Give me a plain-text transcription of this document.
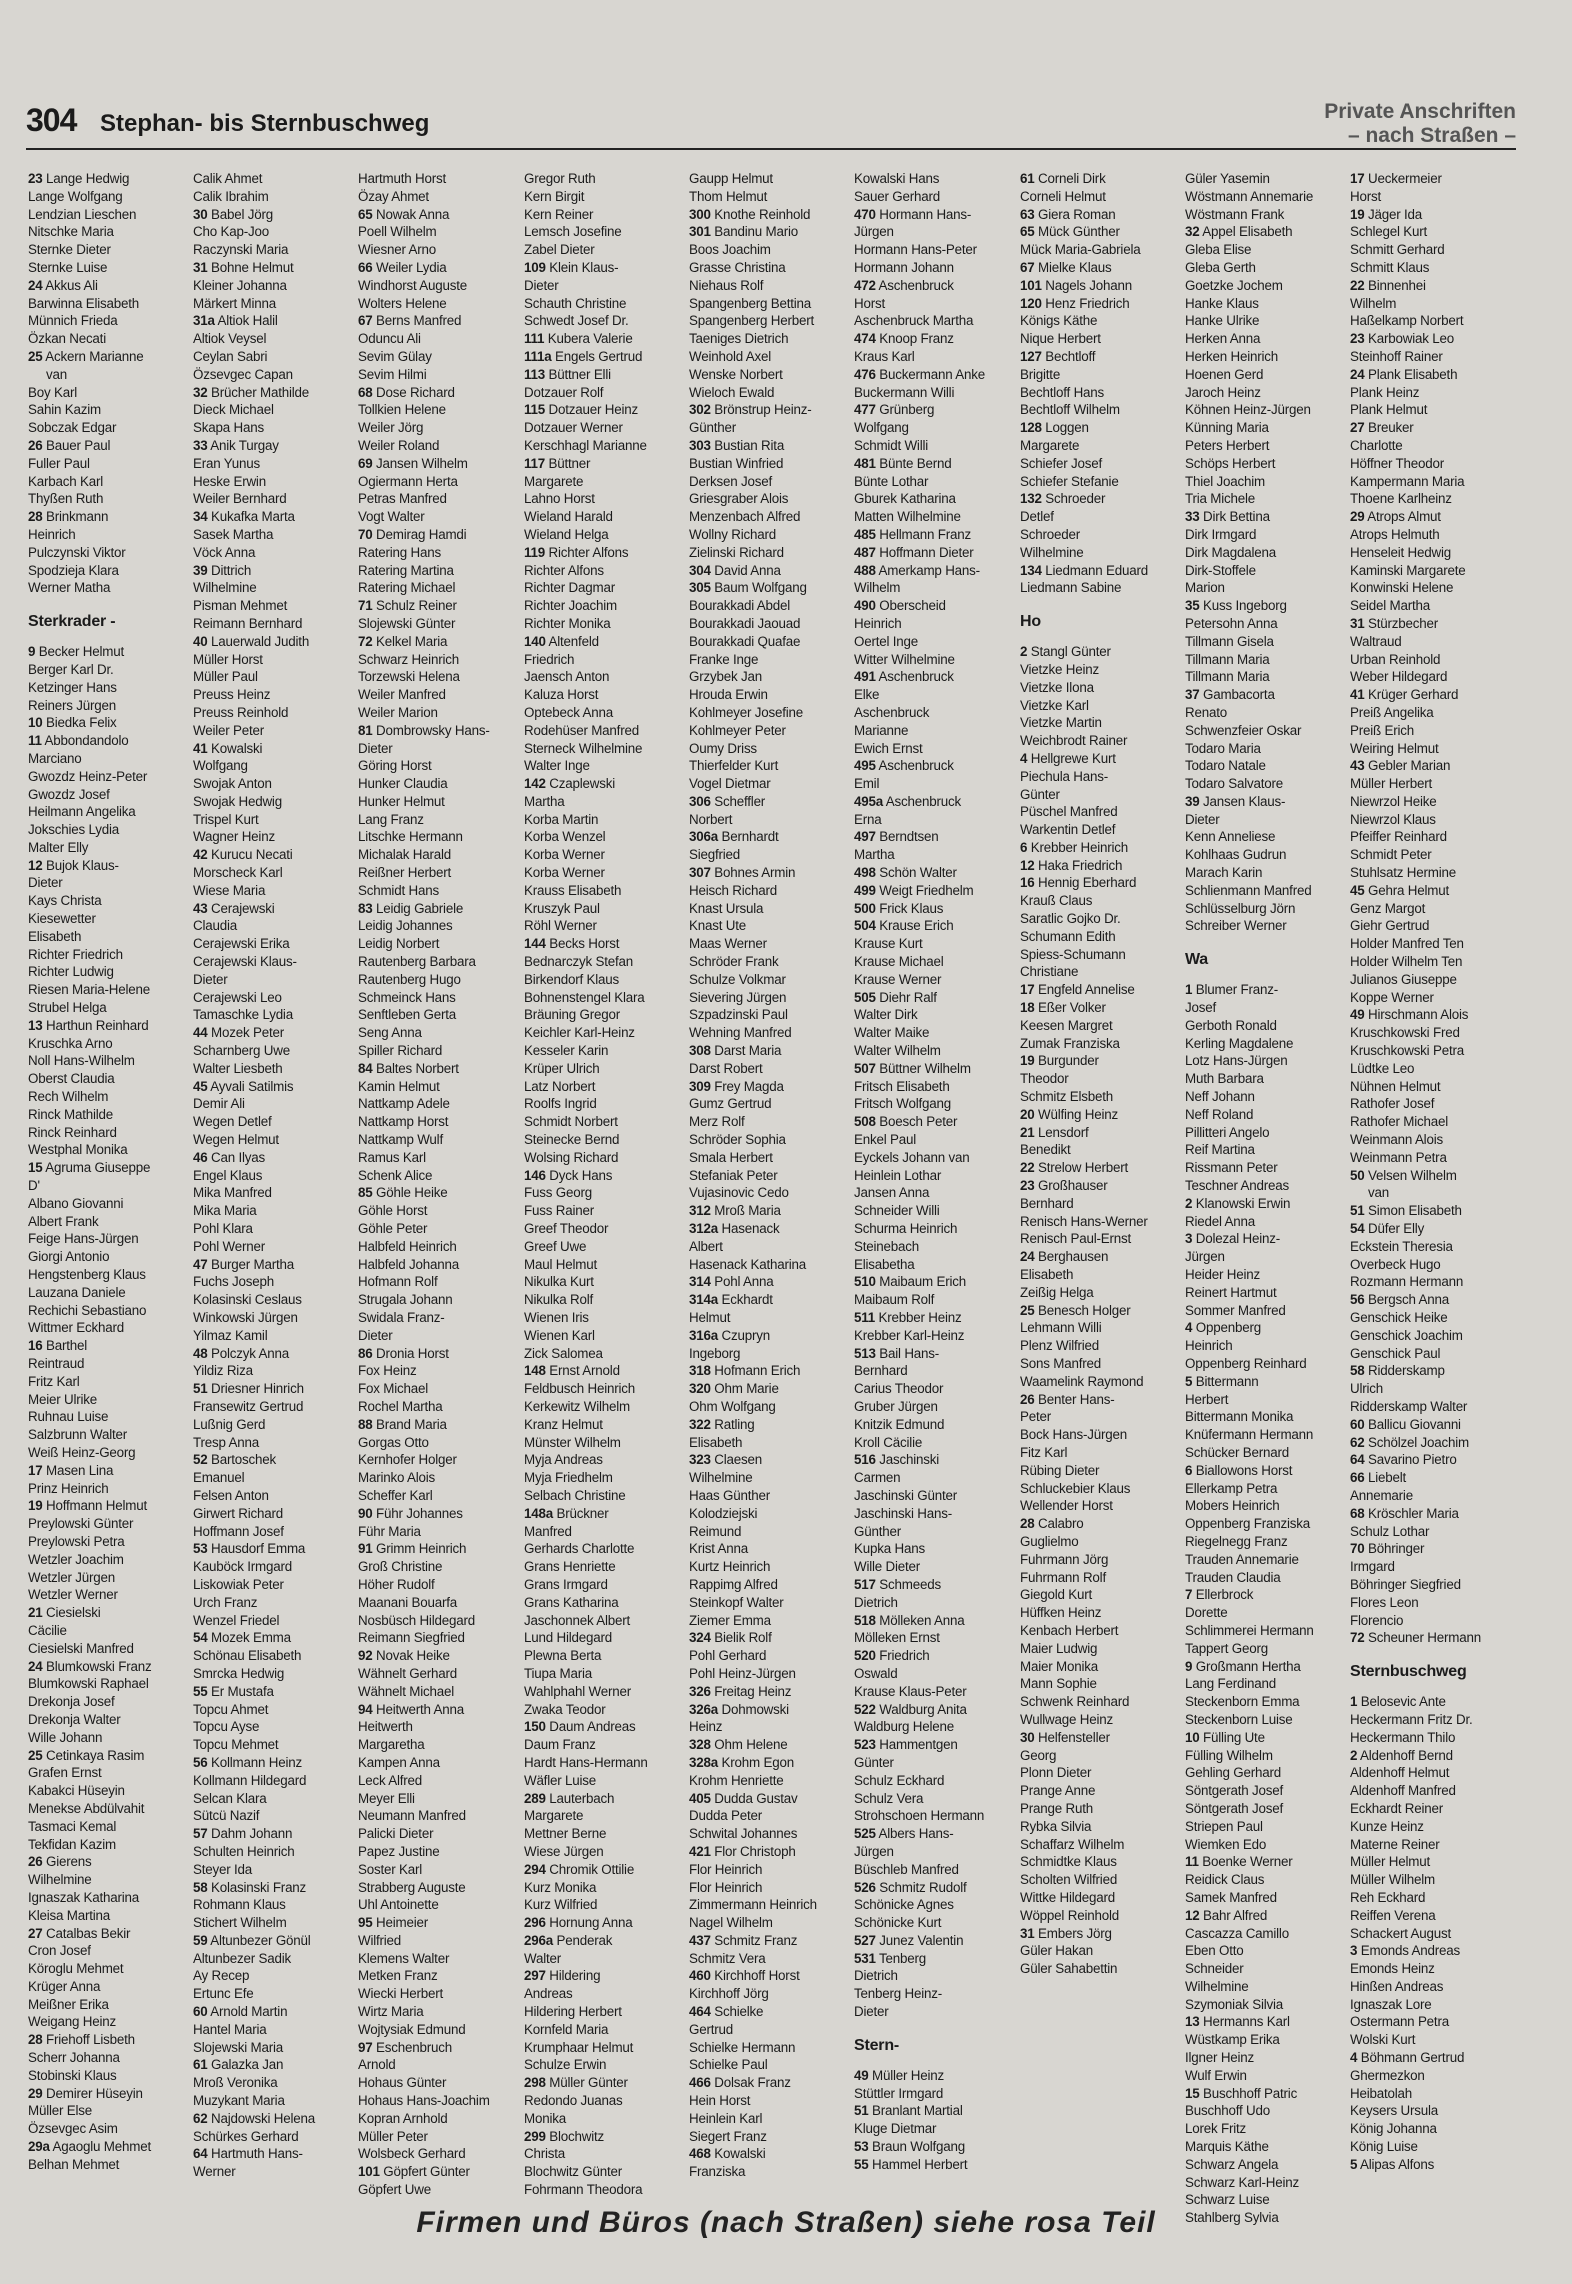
304 Stephan- bis Sternbuschweg	Private Anschriften
– nach Straßen –
23 Lange Hedwig
Lange Wolfgang
Lendzian Lieschen
Nitschke Maria
Sternke Dieter
Sternke Luise
24 Akkus Ali
Barwinna Elisabeth
Münnich Frieda
Özkan Necati
25 Ackern Marianne
van
Boy Karl
Sahin Kazim
Sobczak Edgar
26 Bauer Paul
Fuller Paul
Karbach Karl
Thyßen Ruth
28 Brinkmann
Heinrich
Pulczynski Viktor
Spodzieja Klara
Werner Matha
Sterkrader -
9 Becker Helmut
Berger Karl Dr.
Ketzinger Hans
Reiners Jürgen
10 Biedka Felix
11 Abbondandolo
Marciano
Gwozdz Heinz-Peter
Gwozdz Josef
Heilmann Angelika
Jokschies Lydia
Malter Elly
12 Bujok Klaus-
Dieter
Kays Christa
Kiesewetter
Elisabeth
Richter Friedrich
Richter Ludwig
Riesen Maria-Helene
Strubel Helga
13 Harthun Reinhard
Kruschka Arno
Noll Hans-Wilhelm
Oberst Claudia
Rech Wilhelm
Rinck Mathilde
Rinck Reinhard
Westphal Monika
15 Agruma Giuseppe
D'
Albano Giovanni
Albert Frank
Feige Hans-Jürgen
Giorgi Antonio
Hengstenberg Klaus
Lauzana Daniele
Rechichi Sebastiano
Wittmer Eckhard
16 Barthel
Reintraud
Fritz Karl
Meier Ulrike
Ruhnau Luise
Salzbrunn Walter
Weiß Heinz-Georg
17 Masen Lina
Prinz Heinrich
19 Hoffmann Helmut
Preylowski Günter
Preylowski Petra
Wetzler Joachim
Wetzler Jürgen
Wetzler Werner
21 Ciesielski
Cäcilie
Ciesielski Manfred
24 Blumkowski Franz
Blumkowski Raphael
Drekonja Josef
Drekonja Walter
Wille Johann
25 Cetinkaya Rasim
Grafen Ernst
Kabakci Hüseyin
Menekse Abdülvahit
Tasmaci Kemal
Tekfidan Kazim
26 Gierens
Wilhelmine
Ignaszak Katharina
Kleisa Martina
27 Catalbas Bekir
Cron Josef
Köroglu Mehmet
Krüger Anna
Meißner Erika
Weigang Heinz
28 Friehoff Lisbeth
Scherr Johanna
Stobinski Klaus
29 Demirer Hüseyin
Müller Else
Özsevgec Asim
29a Agaoglu Mehmet
Belhan Mehmet
Calik Ahmet
Calik Ibrahim
30 Babel Jörg
Cho Kap-Joo
Raczynski Maria
31 Bohne Helmut
Kleiner Johanna
Märkert Minna
31a Altiok Halil
Altiok Veysel
Ceylan Sabri
Özsevgec Capan
32 Brücher Mathilde
Dieck Michael
Skapa Hans
33 Anik Turgay
Eran Yunus
Heske Erwin
Weiler Bernhard
34 Kukafka Marta
Sasek Martha
Vöck Anna
39 Dittrich
Wilhelmine
Pisman Mehmet
Reimann Bernhard
40 Lauerwald Judith
Müller Horst
Müller Paul
Preuss Heinz
Preuss Reinhold
Weiler Peter
41 Kowalski
Wolfgang
Swojak Anton
Swojak Hedwig
Trispel Kurt
Wagner Heinz
42 Kurucu Necati
Morscheck Karl
Wiese Maria
43 Cerajewski
Claudia
Cerajewski Erika
Cerajewski Klaus-
Dieter
Cerajewski Leo
Tamaschke Lydia
44 Mozek Peter
Scharnberg Uwe
Walter Liesbeth
45 Ayvali Satilmis
Demir Ali
Wegen Detlef
Wegen Helmut
46 Can Ilyas
Engel Klaus
Mika Manfred
Mika Maria
Pohl Klara
Pohl Werner
47 Burger Martha
Fuchs Joseph
Kolasinski Ceslaus
Winkowski Jürgen
Yilmaz Kamil
48 Polczyk Anna
Yildiz Riza
51 Driesner Hinrich
Fransewitz Gertrud
Lußnig Gerd
Tresp Anna
52 Bartoschek
Emanuel
Felsen Anton
Girwert Richard
Hoffmann Josef
53 Hausdorf Emma
Kauböck Irmgard
Liskowiak Peter
Urch Franz
Wenzel Friedel
54 Mozek Emma
Schönau Elisabeth
Smrcka Hedwig
55 Er Mustafa
Topcu Ahmet
Topcu Ayse
Topcu Mehmet
56 Kollmann Heinz
Kollmann Hildegard
Selcan Klara
Sütcü Nazif
57 Dahm Johann
Schulten Heinrich
Steyer Ida
58 Kolasinski Franz
Rohmann Klaus
Stichert Wilhelm
59 Altunbezer Gönül
Altunbezer Sadik
Ay Recep
Ertunc Efe
60 Arnold Martin
Hantel Maria
Slojewski Maria
61 Galazka Jan
Mroß Veronika
Muzykant Maria
62 Najdowski Helena
Schürkes Gerhard
64 Hartmuth Hans-
Werner
Hartmuth Horst
Özay Ahmet
65 Nowak Anna
Poell Wilhelm
Wiesner Arno
66 Weiler Lydia
Windhorst Auguste
Wolters Helene
67 Berns Manfred
Oduncu Ali
Sevim Gülay
Sevim Hilmi
68 Dose Richard
Tollkien Helene
Weiler Jörg
Weiler Roland
69 Jansen Wilhelm
Ogiermann Herta
Petras Manfred
Vogt Walter
70 Demirag Hamdi
Ratering Hans
Ratering Martina
Ratering Michael
71 Schulz Reiner
Slojewski Günter
72 Kelkel Maria
Schwarz Heinrich
Torzewski Helena
Weiler Manfred
Weiler Marion
81 Dombrowsky Hans-
Dieter
Göring Horst
Hunker Claudia
Hunker Helmut
Lang Franz
Litschke Hermann
Michalak Harald
Reißner Herbert
Schmidt Hans
83 Leidig Gabriele
Leidig Johannes
Leidig Norbert
Rautenberg Barbara
Rautenberg Hugo
Schmeinck Hans
Senftleben Gerta
Seng Anna
Spiller Richard
84 Baltes Norbert
Kamin Helmut
Nattkamp Adele
Nattkamp Horst
Nattkamp Wulf
Ramus Karl
Schenk Alice
85 Göhle Heike
Göhle Horst
Göhle Peter
Halbfeld Heinrich
Halbfeld Johanna
Hofmann Rolf
Strugala Johann
Swidala Franz-
Dieter
86 Dronia Horst
Fox Heinz
Fox Michael
Rochel Martha
88 Brand Maria
Gorgas Otto
Kernhofer Holger
Marinko Alois
Scheffer Karl
90 Führ Johannes
Führ Maria
91 Grimm Heinrich
Groß Christine
Höher Rudolf
Maanani Bouarfa
Nosbüsch Hildegard
Reimann Siegfried
92 Novak Heike
Wähnelt Gerhard
Wähnelt Michael
94 Heitwerth Anna
Heitwerth
Margaretha
Kampen Anna
Leck Alfred
Meyer Elli
Neumann Manfred
Palicki Dieter
Papez Justine
Soster Karl
Strabberg Auguste
Uhl Antoinette
95 Heimeier
Wilfried
Klemens Walter
Metken Franz
Wiecki Herbert
Wirtz Maria
Wojtysiak Edmund
97 Eschenbruch
Arnold
Hohaus Günter
Hohaus Hans-Joachim
Kopran Arnhold
Müller Peter
Wolsbeck Gerhard
101 Göpfert Günter
Göpfert Uwe
Gregor Ruth
Kern Birgit
Kern Reiner
Lemsch Josefine
Zabel Dieter
109 Klein Klaus-
Dieter
Schauth Christine
Schwedt Josef Dr.
111 Kubera Valerie
111a Engels Gertrud
113 Büttner Elli
Dotzauer Rolf
115 Dotzauer Heinz
Dotzauer Werner
Kerschhagl Marianne
117 Büttner
Margarete
Lahno Horst
Wieland Harald
Wieland Helga
119 Richter Alfons
Richter Alfons
Richter Dagmar
Richter Joachim
Richter Monika
140 Altenfeld
Friedrich
Jaensch Anton
Kaluza Horst
Optebeck Anna
Rodehüser Manfred
Sterneck Wilhelmine
Walter Inge
142 Czaplewski
Martha
Korba Martin
Korba Wenzel
Korba Werner
Korba Werner
Krauss Elisabeth
Kruszyk Paul
Röhl Werner
144 Becks Horst
Bednarczyk Stefan
Birkendorf Klaus
Bohnenstengel Klara
Bräuning Gregor
Keichler Karl-Heinz
Kesseler Karin
Krüper Ulrich
Latz Norbert
Roolfs Ingrid
Schmidt Norbert
Steinecke Bernd
Wolsing Richard
146 Dyck Hans
Fuss Georg
Fuss Rainer
Greef Theodor
Greef Uwe
Maul Helmut
Nikulka Kurt
Nikulka Rolf
Wienen Iris
Wienen Karl
Zick Salomea
148 Ernst Arnold
Feldbusch Heinrich
Kerkewitz Wilhelm
Kranz Helmut
Münster Wilhelm
Myja Andreas
Myja Friedhelm
Selbach Christine
148a Brückner
Manfred
Gerhards Charlotte
Grans Henriette
Grans Irmgard
Grans Katharina
Jaschonnek Albert
Lund Hildegard
Plewna Berta
Tiupa Maria
Wahlphahl Werner
Zwaka Teodor
150 Daum Andreas
Daum Franz
Hardt Hans-Hermann
Wäfler Luise
289 Lauterbach
Margarete
Mettner Berne
Wiese Jürgen
294 Chromik Ottilie
Kurz Monika
Kurz Wilfried
296 Hornung Anna
296a Penderak
Walter
297 Hildering
Andreas
Hildering Herbert
Kornfeld Maria
Krumphaar Helmut
Schulze Erwin
298 Müller Günter
Redondo Juanas
Monika
299 Blochwitz
Christa
Blochwitz Günter
Fohrmann Theodora
Gaupp Helmut
Thom Helmut
300 Knothe Reinhold
301 Bandinu Mario
Boos Joachim
Grasse Christina
Niehaus Rolf
Spangenberg Bettina
Spangenberg Herbert
Taeniges Dietrich
Weinhold Axel
Wenske Norbert
Wieloch Ewald
302 Brönstrup Heinz-
Günther
303 Bustian Rita
Bustian Winfried
Derksen Josef
Griesgraber Alois
Menzenbach Alfred
Wollny Richard
Zielinski Richard
304 David Anna
305 Baum Wolfgang
Bourakkadi Abdel
Bourakkadi Jaouad
Bourakkadi Quafae
Franke Inge
Grzybek Jan
Hrouda Erwin
Kohlmeyer Josefine
Kohlmeyer Peter
Oumy Driss
Thierfelder Kurt
Vogel Dietmar
306 Scheffler
Norbert
306a Bernhardt
Siegfried
307 Bohnes Armin
Heisch Richard
Knast Ursula
Knast Ute
Maas Werner
Schröder Frank
Schulze Volkmar
Sievering Jürgen
Szpadzinski Paul
Wehning Manfred
308 Darst Maria
Darst Robert
309 Frey Magda
Gumz Gertrud
Merz Rolf
Schröder Sophia
Smala Herbert
Stefaniak Peter
Vujasinovic Cedo
312 Mroß Maria
312a Hasenack
Albert
Hasenack Katharina
314 Pohl Anna
314a Eckhardt
Helmut
316a Czupryn
Ingeborg
318 Hofmann Erich
320 Ohm Marie
Ohm Wolfgang
322 Ratling
Elisabeth
323 Claesen
Wilhelmine
Haas Günther
Kolodziejski
Reimund
Krist Anna
Kurtz Heinrich
Rappimg Alfred
Steinkopf Walter
Ziemer Emma
324 Bielik Rolf
Pohl Gerhard
Pohl Heinz-Jürgen
326 Freitag Heinz
326a Dohmowski
Heinz
328 Ohm Helene
328a Krohm Egon
Krohm Henriette
405 Dudda Gustav
Dudda Peter
Schwital Johannes
421 Flor Christoph
Flor Heinrich
Flor Heinrich
Zimmermann Heinrich
Nagel Wilhelm
437 Schmitz Franz
Schmitz Vera
460 Kirchhoff Horst
Kirchhoff Jörg
464 Schielke
Gertrud
Schielke Hermann
Schielke Paul
466 Dolsak Franz
Hein Horst
Heinlein Karl
Siegert Franz
468 Kowalski
Franziska
Kowalski Hans
Sauer Gerhard
470 Hormann Hans-
Jürgen
Hormann Hans-Peter
Hormann Johann
472 Aschenbruck
Horst
Aschenbruck Martha
474 Knoop Franz
Kraus Karl
476 Buckermann Anke
Buckermann Willi
477 Grünberg
Wolfgang
Schmidt Willi
481 Bünte Bernd
Bünte Lothar
Gburek Katharina
Matten Wilhelmine
485 Hellmann Franz
487 Hoffmann Dieter
488 Amerkamp Hans-
Wilhelm
490 Oberscheid
Heinrich
Oertel Inge
Witter Wilhelmine
491 Aschenbruck
Elke
Aschenbruck
Marianne
Ewich Ernst
495 Aschenbruck
Emil
495a Aschenbruck
Erna
497 Berndtsen
Martha
498 Schön Walter
499 Weigt Friedhelm
500 Frick Klaus
504 Krause Erich
Krause Kurt
Krause Michael
Krause Werner
505 Diehr Ralf
Walter Dirk
Walter Maike
Walter Wilhelm
507 Büttner Wilhelm
Fritsch Elisabeth
Fritsch Wolfgang
508 Boesch Peter
Enkel Paul
Eyckels Johann van
Heinlein Lothar
Jansen Anna
Schneider Willi
Schurma Heinrich
Steinebach
Elisabetha
510 Maibaum Erich
Maibaum Rolf
511 Krebber Heinz
Krebber Karl-Heinz
513 Bail Hans-
Bernhard
Carius Theodor
Gruber Jürgen
Knitzik Edmund
Kroll Cäcilie
516 Jaschinski
Carmen
Jaschinski Günter
Jaschinski Hans-
Günther
Kupka Hans
Wille Dieter
517 Schmeeds
Dietrich
518 Mölleken Anna
Mölleken Ernst
520 Friedrich
Oswald
Krause Klaus-Peter
522 Waldburg Anita
Waldburg Helene
523 Hammentgen
Günter
Schulz Eckhard
Schulz Vera
Strohschoen Hermann
525 Albers Hans-
Jürgen
Büschleb Manfred
526 Schmitz Rudolf
Schönicke Agnes
Schönicke Kurt
527 Junez Valentin
531 Tenberg
Dietrich
Tenberg Heinz-
Dieter
Stern-
49 Müller Heinz
Stüttler Irmgard
51 Branlant Martial
Kluge Dietmar
53 Braun Wolfgang
55 Hammel Herbert
61 Corneli Dirk
Corneli Helmut
63 Giera Roman
65 Mück Günther
Mück Maria-Gabriela
67 Mielke Klaus
101 Nagels Johann
120 Henz Friedrich
Königs Käthe
Nique Herbert
127 Bechtloff
Brigitte
Bechtloff Hans
Bechtloff Wilhelm
128 Loggen
Margarete
Schiefer Josef
Schiefer Stefanie
132 Schroeder
Detlef
Schroeder
Wilhelmine
134 Liedmann Eduard
Liedmann Sabine
Ho
2 Stangl Günter
Vietzke Heinz
Vietzke Ilona
Vietzke Karl
Vietzke Martin
Weichbrodt Rainer
4 Hellgrewe Kurt
Piechula Hans-
Günter
Püschel Manfred
Warkentin Detlef
6 Krebber Heinrich
12 Haka Friedrich
16 Hennig Eberhard
Krauß Claus
Saratlic Gojko Dr.
Schumann Edith
Spiess-Schumann
Christiane
17 Engfeld Annelise
18 Eßer Volker
Keesen Margret
Zumak Franziska
19 Burgunder
Theodor
Schmitz Elsbeth
20 Wülfing Heinz
21 Lensdorf
Benedikt
22 Strelow Herbert
23 Großhauser
Bernhard
Renisch Hans-Werner
Renisch Paul-Ernst
24 Berghausen
Elisabeth
Zeißig Helga
25 Benesch Holger
Lehmann Willi
Plenz Wilfried
Sons Manfred
Waamelink Raymond
26 Benter Hans-
Peter
Bock Hans-Jürgen
Fitz Karl
Rübing Dieter
Schluckebier Klaus
Wellender Horst
28 Calabro
Guglielmo
Fuhrmann Jörg
Fuhrmann Rolf
Giegold Kurt
Hüffken Heinz
Kenbach Herbert
Maier Ludwig
Maier Monika
Mann Sophie
Schwenk Reinhard
Wullwage Heinz
30 Helfensteller
Georg
Plonn Dieter
Prange Anne
Prange Ruth
Rybka Silvia
Schaffarz Wilhelm
Schmidtke Klaus
Scholten Wilfried
Wittke Hildegard
Wöppel Reinhold
31 Embers Jörg
Güler Hakan
Güler Sahabettin
Güler Yasemin
Wöstmann Annemarie
Wöstmann Frank
32 Appel Elisabeth
Gleba Elise
Gleba Gerth
Goetzke Jochem
Hanke Klaus
Hanke Ulrike
Herken Anna
Herken Heinrich
Hoenen Gerd
Jaroch Heinz
Köhnen Heinz-Jürgen
Künning Maria
Peters Herbert
Schöps Herbert
Thiel Joachim
Tria Michele
33 Dirk Bettina
Dirk Irmgard
Dirk Magdalena
Dirk-Stoffele
Marion
35 Kuss Ingeborg
Petersohn Anna
Tillmann Gisela
Tillmann Maria
Tillmann Maria
37 Gambacorta
Renato
Schwenzfeier Oskar
Todaro Maria
Todaro Natale
Todaro Salvatore
39 Jansen Klaus-
Dieter
Kenn Anneliese
Kohlhaas Gudrun
Marach Karin
Schlienmann Manfred
Schlüsselburg Jörn
Schreiber Werner
Wa
1 Blumer Franz-
Josef
Gerboth Ronald
Kerling Magdalene
Lotz Hans-Jürgen
Muth Barbara
Neff Johann
Neff Roland
Pillitteri Angelo
Reif Martina
Rissmann Peter
Teschner Andreas
2 Klanowski Erwin
Riedel Anna
3 Dolezal Heinz-
Jürgen
Heider Heinz
Reinert Hartmut
Sommer Manfred
4 Oppenberg
Heinrich
Oppenberg Reinhard
5 Bittermann
Herbert
Bittermann Monika
Knüfermann Hermann
Schücker Bernard
6 Biallowons Horst
Ellerkamp Petra
Mobers Heinrich
Oppenberg Franziska
Riegelnegg Franz
Trauden Annemarie
Trauden Claudia
7 Ellerbrock
Dorette
Schlimmerei Hermann
Tappert Georg
9 Großmann Hertha
Lang Ferdinand
Steckenborn Emma
Steckenborn Luise
10 Fülling Ute
Fülling Wilhelm
Gehling Gerhard
Söntgerath Josef
Söntgerath Josef
Striepen Paul
Wiemken Edo
11 Boenke Werner
Reidick Claus
Samek Manfred
12 Bahr Alfred
Cascazza Camillo
Eben Otto
Schneider
Wilhelmine
Szymoniak Silvia
13 Hermanns Karl
Wüstkamp Erika
Ilgner Heinz
Wulf Erwin
15 Buschhoff Patric
Buschhoff Udo
Lorek Fritz
Marquis Käthe
Schwarz Angela
Schwarz Karl-Heinz
Schwarz Luise
Stahlberg Sylvia
17 Ueckermeier
Horst
19 Jäger Ida
Schlegel Kurt
Schmitt Gerhard
Schmitt Klaus
22 Binnenhei
Wilhelm
Haßelkamp Norbert
23 Karbowiak Leo
Steinhoff Rainer
24 Plank Elisabeth
Plank Heinz
Plank Helmut
27 Breuker
Charlotte
Höffner Theodor
Kampermann Maria
Thoene Karlheinz
29 Atrops Almut
Atrops Helmuth
Henseleit Hedwig
Kaminski Margarete
Konwinski Helene
Seidel Martha
31 Stürzbecher
Waltraud
Urban Reinhold
Weber Hildegard
41 Krüger Gerhard
Preiß Angelika
Preiß Erich
Weiring Helmut
43 Gebler Marian
Müller Herbert
Niewrzol Heike
Niewrzol Klaus
Pfeiffer Reinhard
Schmidt Peter
Stuhlsatz Hermine
45 Gehra Helmut
Genz Margot
Giehr Gertrud
Holder Manfred Ten
Holder Wilhelm Ten
Julianos Giuseppe
Koppe Werner
49 Hirschmann Alois
Kruschkowski Fred
Kruschkowski Petra
Lüdtke Leo
Nühnen Helmut
Rathofer Josef
Rathofer Michael
Weinmann Alois
Weinmann Petra
50 Velsen Wilhelm
van
51 Simon Elisabeth
54 Düfer Elly
Eckstein Theresia
Overbeck Hugo
Rozmann Hermann
56 Bergsch Anna
Genschick Heike
Genschick Joachim
Genschick Paul
58 Ridderskamp
Ulrich
Ridderskamp Walter
60 Ballicu Giovanni
62 Schölzel Joachim
64 Savarino Pietro
66 Liebelt
Annemarie
68 Kröschler Maria
Schulz Lothar
70 Böhringer
Irmgard
Böhringer Siegfried
Flores Leon
Florencio
72 Scheuner Hermann
Sternbuschweg
1 Belosevic Ante
Heckermann Fritz Dr.
Heckermann Thilo
2 Aldenhoff Bernd
Aldenhoff Helmut
Aldenhoff Manfred
Eckhardt Reiner
Kunze Heinz
Materne Reiner
Müller Helmut
Müller Wilhelm
Reh Eckhard
Reiffen Verena
Schackert August
3 Emonds Andreas
Emonds Heinz
Hinßen Andreas
Ignaszak Lore
Ostermann Petra
Wolski Kurt
4 Böhmann Gertrud
Ghermezkon
Heibatolah
Keysers Ursula
König Johanna
König Luise
5 Alipas Alfons
Firmen und Büros (nach Straßen) siehe rosa Teil
